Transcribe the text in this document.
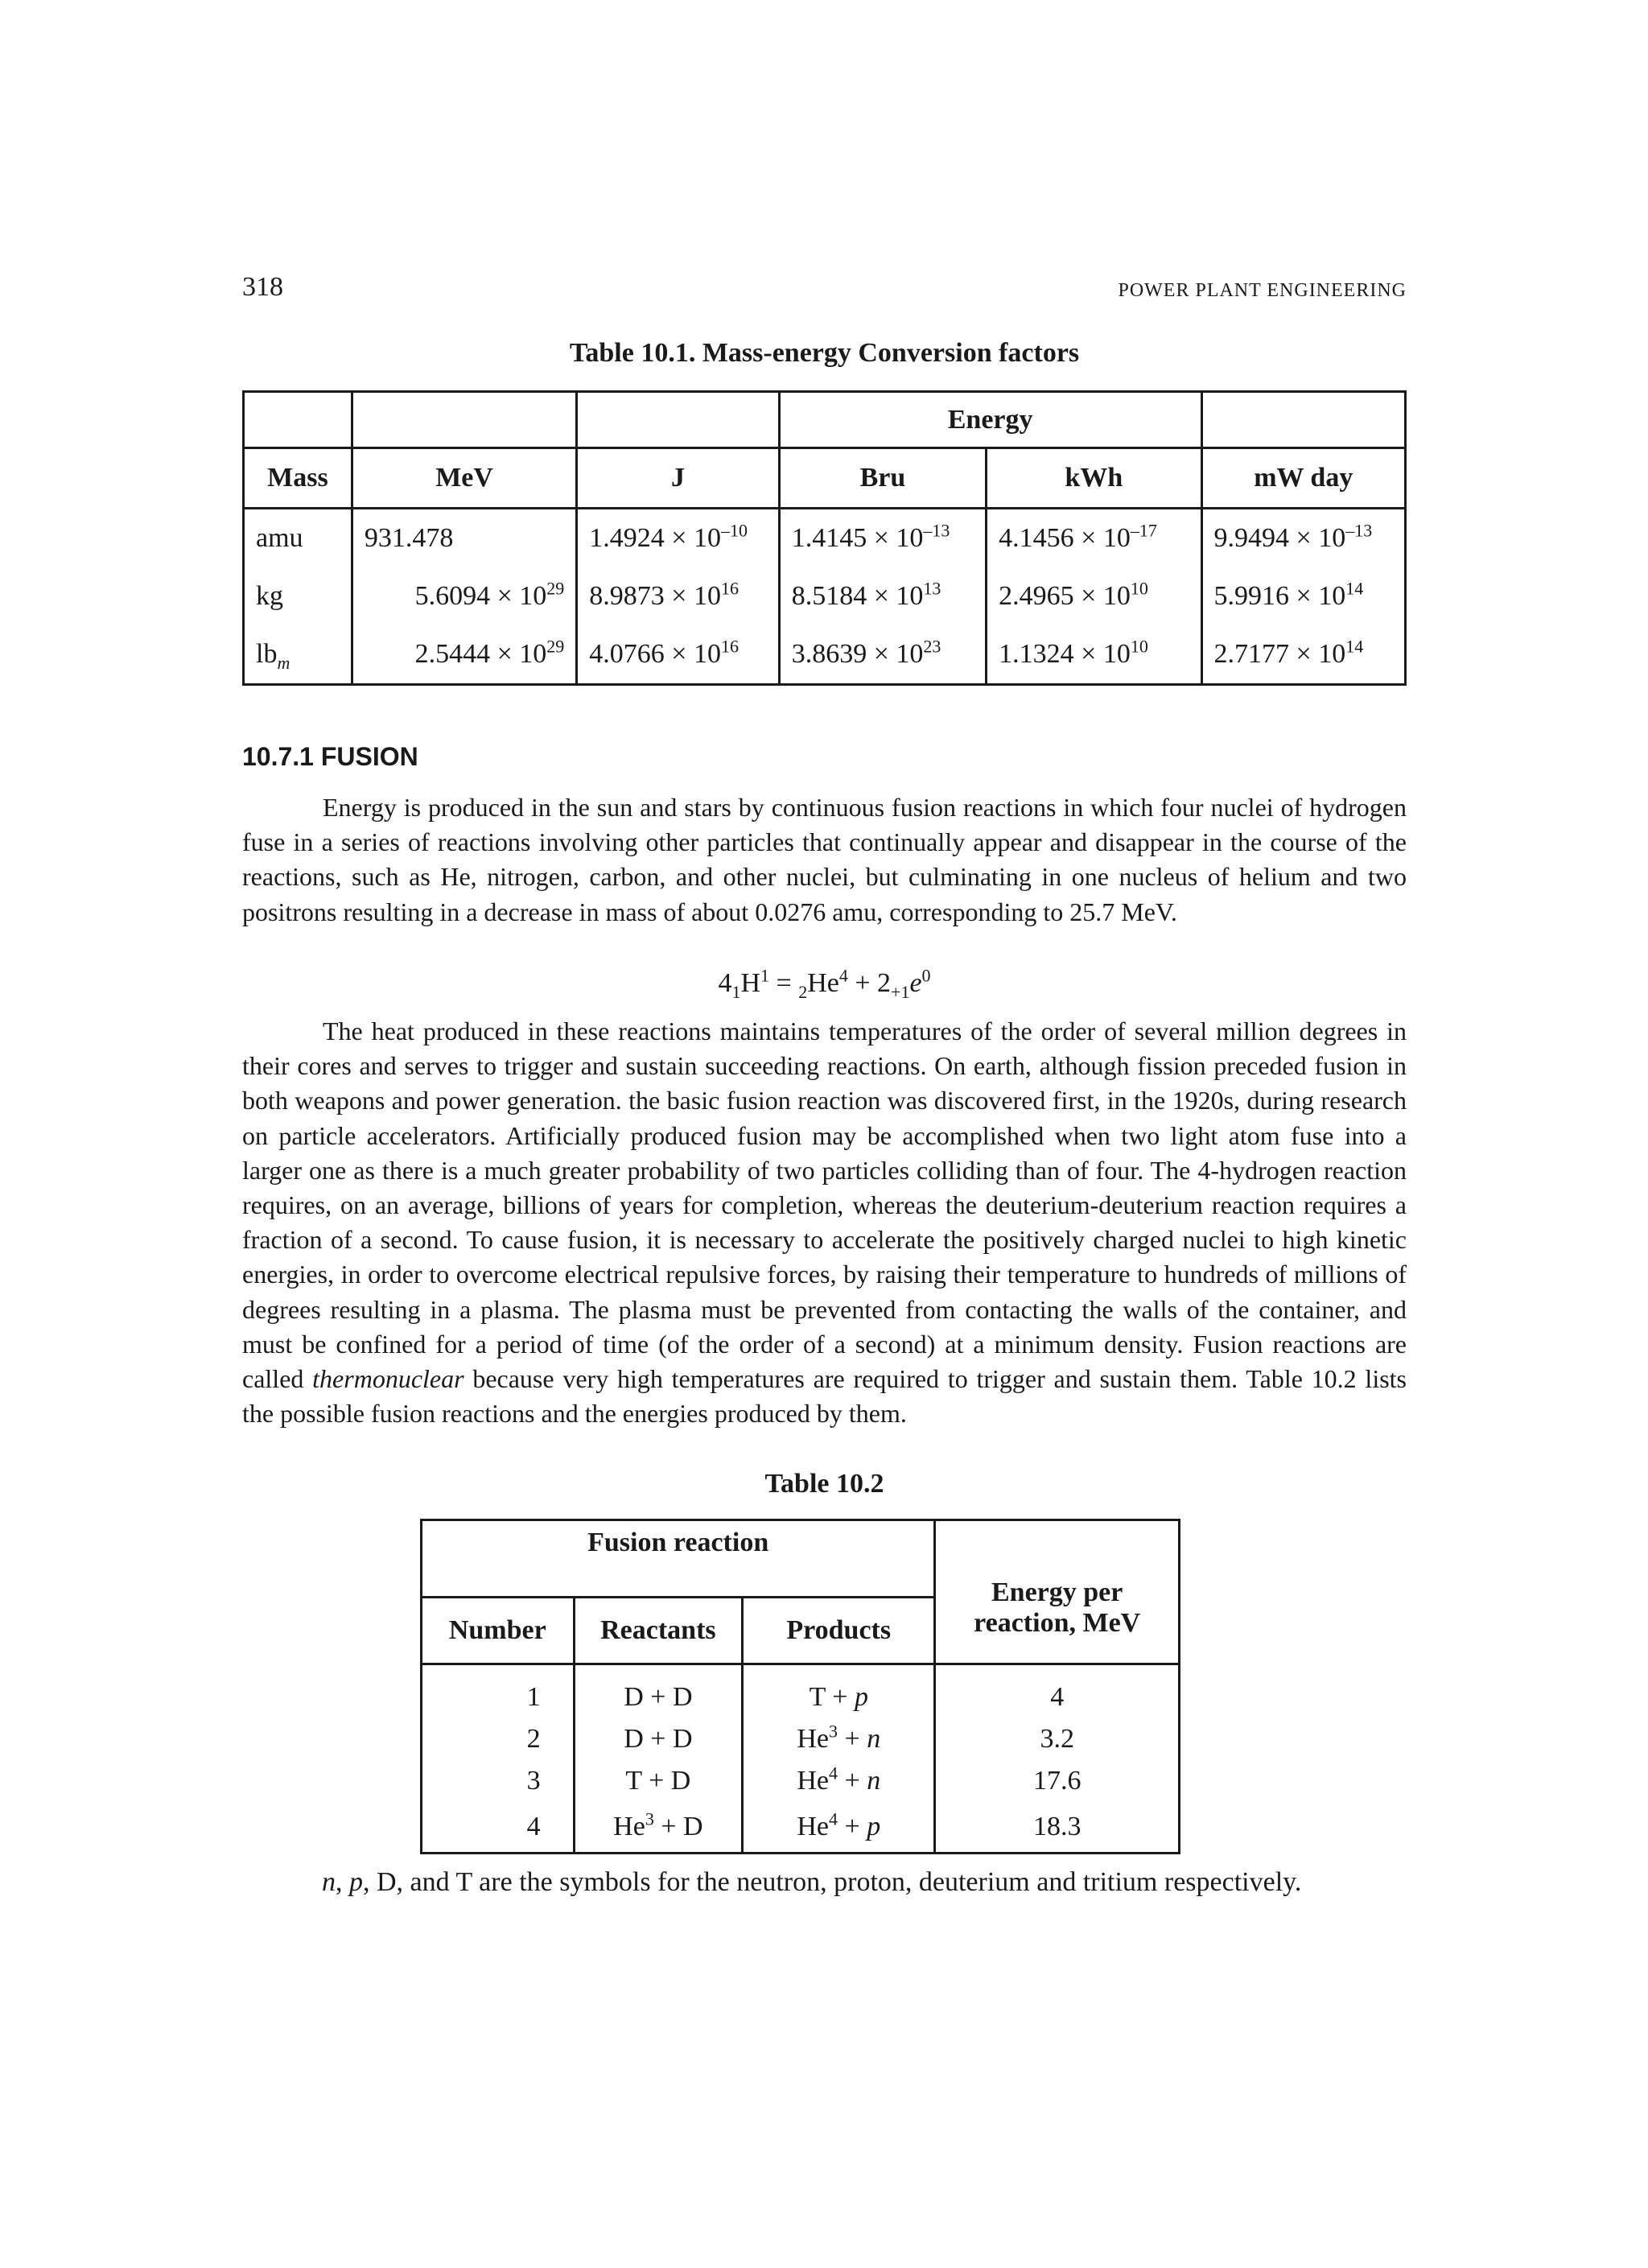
318	POWER PLANT ENGINEERING
Table 10.1. Mass-energy Conversion factors
			Energy		
Mass	MeV	J	Bru	kWh	mW day
amu	931.478	$1.4924 \times 10^{-10}$	$1.4145 \times 10^{-13}$	$4.1456 \times 10^{-17}$	$9.9494 \times 10^{-13}$
kg	$5.6094 \times 10^{29}$	$8.9873 \times 10^{16}$	$8.5184 \times 10^{13}$	$2.4965 \times 10^{10}$	$5.9916 \times 10^{14}$
$lb_m$	$2.5444 \times 10^{29}$	$4.0766 \times 10^{16}$	$3.8639 \times 10^{23}$	$1.1324 \times 10^{10}$	$2.7177 \times 10^{14}$
10.7.1 FUSION

Energy is produced in the sun and stars by continuous fusion reactions in which four nuclei of hydrogen fuse in a series of reactions involving other particles that continually appear and disappear in the course of the reactions, such as He, nitrogen, carbon, and other nuclei, but culminating in one nucleus of helium and two positrons resulting in a decrease in mass of about 0.0276 amu, corresponding to 25.7 MeV.

$4_1H^1 = _2He^4 + 2_{+1}e^0$

The heat produced in these reactions maintains temperatures of the order of several million degrees in their cores and serves to trigger and sustain succeeding reactions. On earth, although fission preceded fusion in both weapons and power generation. the basic fusion reaction was discovered first, in the 1920s, during research on particle accelerators. Artificially produced fusion may be accomplished when two light atom fuse into a larger one as there is a much greater probability of two particles colliding than of four. The 4-hydrogen reaction requires, on an average, billions of years for completion, whereas the deuterium-deuterium reaction requires a fraction of a second. To cause fusion, it is necessary to accelerate the positively charged nuclei to high kinetic energies, in order to overcome electrical repulsive forces, by raising their temperature to hundreds of millions of degrees resulting in a plasma. The plasma must be prevented from contacting the walls of the container, and must be confined for a period of time (of the order of a second) at a minimum density. Fusion reactions are called thermonuclear because very high temperatures are required to trigger and sustain them. Table 10.2 lists the possible fusion reactions and the energies produced by them.

Table 10.2
Fusion reaction			Energy per
reaction, MeV

Number	Reactants	Products	
1	D + D	T + p	4
2	D + D	$He^3 + n$	3.2
3	T + D	$He^4 + n$	17.6
4	$He^3 + D$	$He^4 + p$	18.3
n, p, D, and T are the symbols for the neutron, proton, deuterium and tritium respectively.
